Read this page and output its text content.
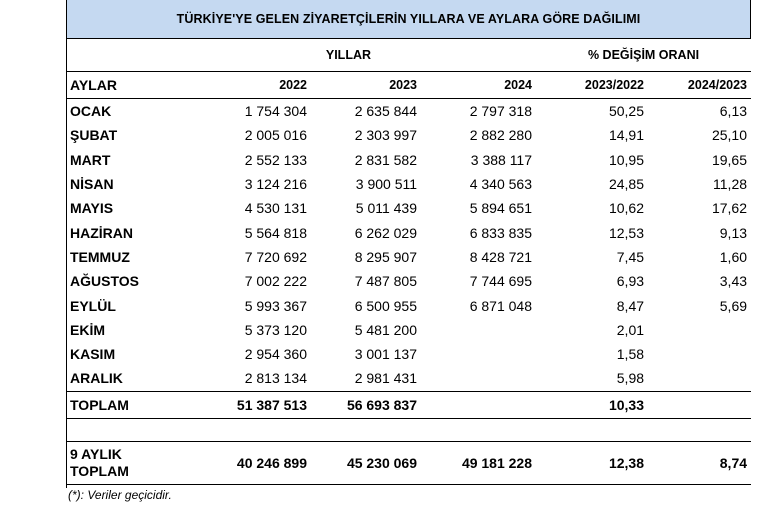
TÜRKİYE'YE GELEN ZİYARETÇİLERİN YILLARA VE AYLARA GÖRE DAĞILIMI
	YILLAR			% DEĞİŞİM ORANI	
AYLAR	2022	2023	2024	2023/2022	2024/2023
OCAK	1 754 304	2 635 844	2 797 318	50,25	6,13
ŞUBAT	2 005 016	2 303 997	2 882 280	14,91	25,10
MART	2 552 133	2 831 582	3 388 117	10,95	19,65
NİSAN	3 124 216	3 900 511	4 340 563	24,85	11,28
MAYIS	4 530 131	5 011 439	5 894 651	10,62	17,62
HAZİRAN	5 564 818	6 262 029	6 833 835	12,53	9,13
TEMMUZ	7 720 692	8 295 907	8 428 721	7,45	1,60
AĞUSTOS	7 002 222	7 487 805	7 744 695	6,93	3,43
EYLÜL	5 993 367	6 500 955	6 871 048	8,47	5,69
EKİM	5 373 120	5 481 200		2,01	
KASIM	2 954 360	3 001 137		1,58	
ARALIK	2 813 134	2 981 431		5,98	
TOPLAM	51 387 513	56 693 837		10,33	

9 AYLIK
TOPLAM	40 246 899	45 230 069	49 181 228	12,38	8,74
(*): Veriler geçicidir.
